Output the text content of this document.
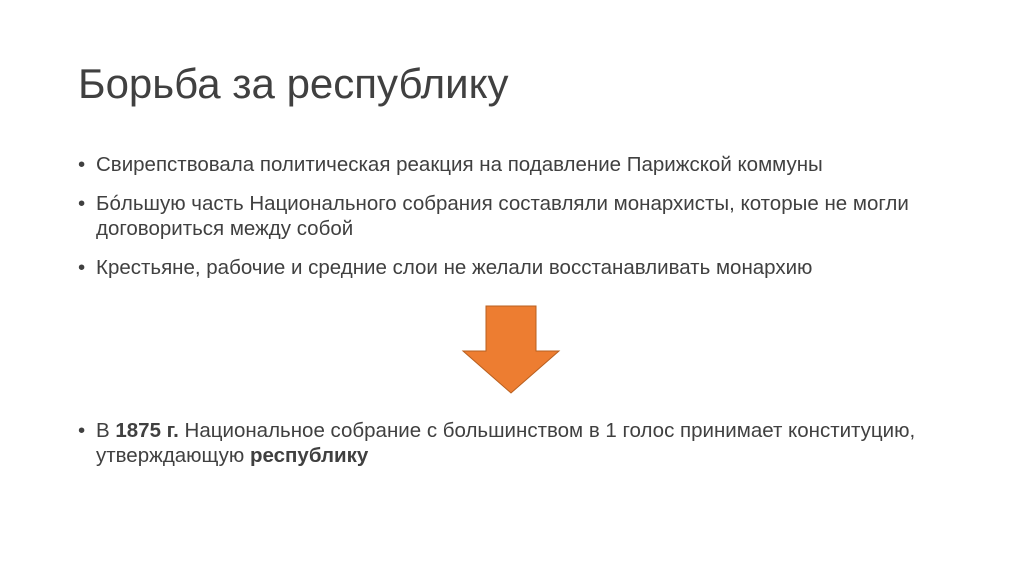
Борьба за республику
• Свирепствовала политическая реакция на подавление Парижской коммуны
• Бóльшую часть Национального собрания составляли монархисты, которые не могли договориться между собой
• Крестьяне, рабочие и средние слои не желали восстанавливать монархию
• В 1875 г. Национальное собрание с большинством в 1 голос принимает конституцию, утверждающую республику
